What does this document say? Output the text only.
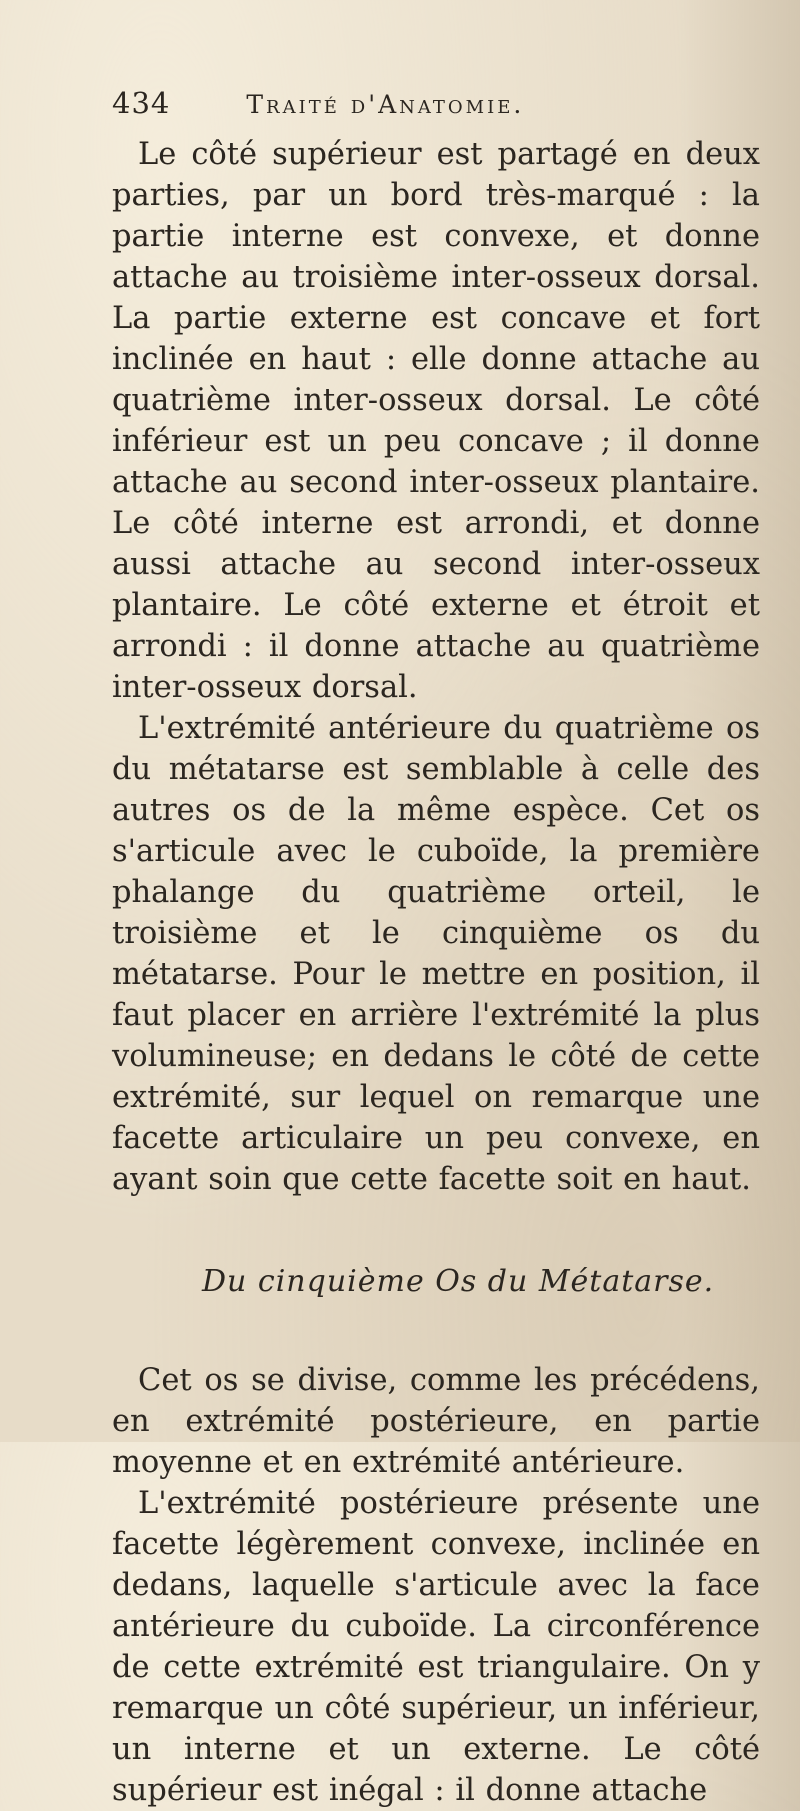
434	Traité d'Anatomie.

Le côté supérieur est partagé en deux parties, par un bord très-marqué : la partie interne est convexe, et donne attache au troisième inter-osseux dorsal. La partie externe est concave et fort inclinée en haut : elle donne attache au quatrième inter-osseux dorsal. Le côté inférieur est un peu concave ; il donne attache au second inter-osseux plantaire. Le côté interne est arrondi, et donne aussi attache au second inter-osseux plantaire. Le côté externe et étroit et arrondi : il donne attache au quatrième inter-osseux dorsal.

L'extrémité antérieure du quatrième os du métatarse est semblable à celle des autres os de la même espèce. Cet os s'articule avec le cuboïde, la première phalange du quatrième orteil, le troisième et le cinquième os du métatarse. Pour le mettre en position, il faut placer en arrière l'extrémité la plus volumineuse; en dedans le côté de cette extrémité, sur lequel on remarque une facette articulaire un peu convexe, en ayant soin que cette facette soit en haut.

Du cinquième Os du Métatarse.

Cet os se divise, comme les précédens, en extrémité postérieure, en partie moyenne et en extrémité antérieure.

L'extrémité postérieure présente une facette légèrement convexe, inclinée en dedans, laquelle s'articule avec la face antérieure du cuboïde. La circonférence de cette extrémité est triangulaire. On y remarque un côté supérieur, un inférieur, un interne et un externe. Le côté supérieur est inégal : il donne attache
